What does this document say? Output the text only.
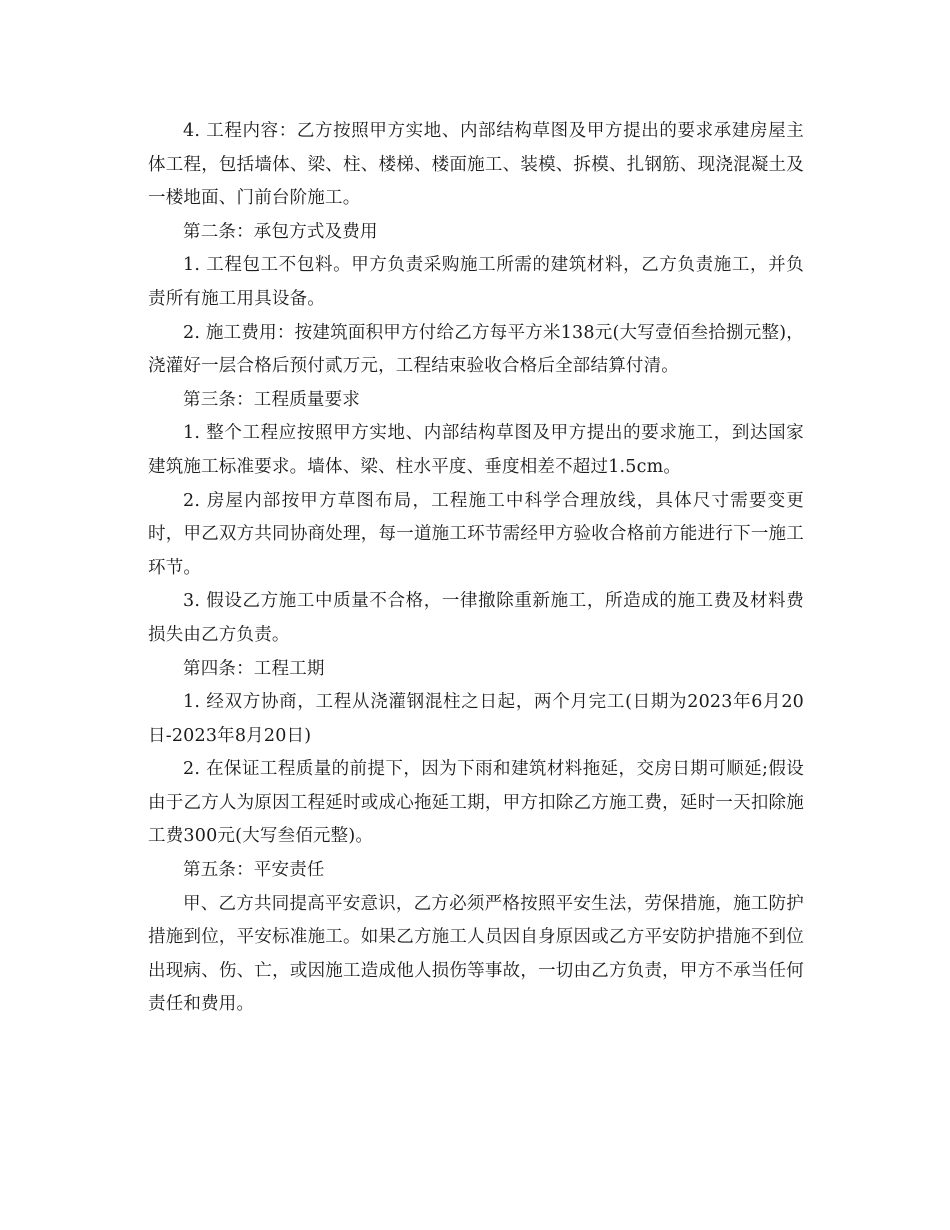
4. 工程内容：乙方按照甲方实地、内部结构草图及甲方提出的要求承建房屋主体工程，包括墙体、梁、柱、楼梯、楼面施工、装模、拆模、扎钢筋、现浇混凝土及一楼地面、门前台阶施工。

第二条：承包方式及费用

1. 工程包工不包料。甲方负责采购施工所需的建筑材料，乙方负责施工，并负责所有施工用具设备。

2. 施工费用：按建筑面积甲方付给乙方每平方米138元(大写壹佰叁拾捌元整)，浇灌好一层合格后预付贰万元，工程结束验收合格后全部结算付清。

第三条：工程质量要求

1. 整个工程应按照甲方实地、内部结构草图及甲方提出的要求施工，到达国家建筑施工标准要求。墙体、梁、柱水平度、垂度相差不超过1.5cm。

2. 房屋内部按甲方草图布局，工程施工中科学合理放线，具体尺寸需要变更时，甲乙双方共同协商处理，每一道施工环节需经甲方验收合格前方能进行下一施工环节。

3. 假设乙方施工中质量不合格，一律撤除重新施工，所造成的施工费及材料费损失由乙方负责。

第四条：工程工期

1. 经双方协商，工程从浇灌钢混柱之日起，两个月完工(日期为2023年6月20日-2023年8月20日)

2. 在保证工程质量的前提下，因为下雨和建筑材料拖延，交房日期可顺延;假设由于乙方人为原因工程延时或成心拖延工期，甲方扣除乙方施工费，延时一天扣除施工费300元(大写叁佰元整)。

第五条：平安责任

甲、乙方共同提高平安意识，乙方必须严格按照平安生法，劳保措施，施工防护措施到位，平安标准施工。如果乙方施工人员因自身原因或乙方平安防护措施不到位出现病、伤、亡，或因施工造成他人损伤等事故，一切由乙方负责，甲方不承当任何责任和费用。
